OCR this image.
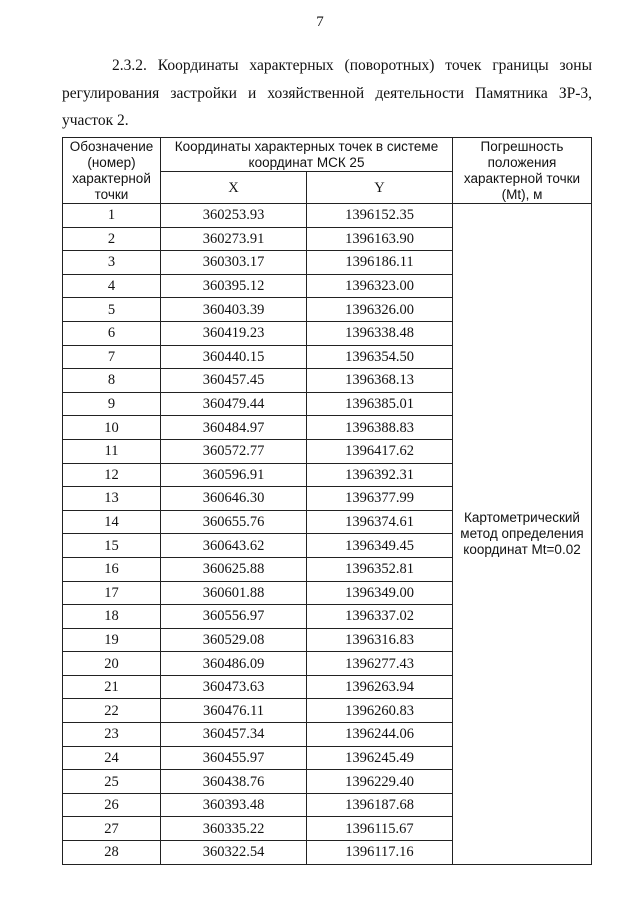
7
2.3.2. Координаты характерных (поворотных) точек границы зоны
регулирования застройки и хозяйственной деятельности Памятника ЗР-3,
участок 2.
Обозначение (номер) характерной точки	Координаты характерных точек в системе координат МСК 25		Погрешность положения характерной точки (Mt), м
	X	Y	
1	360253.93	1396152.35	Картометрический метод определения координат Mt=0.02
2	360273.91	1396163.90	
3	360303.17	1396186.11	
4	360395.12	1396323.00	
5	360403.39	1396326.00	
6	360419.23	1396338.48	
7	360440.15	1396354.50	
8	360457.45	1396368.13	
9	360479.44	1396385.01	
10	360484.97	1396388.83	
11	360572.77	1396417.62	
12	360596.91	1396392.31	
13	360646.30	1396377.99	
14	360655.76	1396374.61	
15	360643.62	1396349.45	
16	360625.88	1396352.81	
17	360601.88	1396349.00	
18	360556.97	1396337.02	
19	360529.08	1396316.83	
20	360486.09	1396277.43	
21	360473.63	1396263.94	
22	360476.11	1396260.83	
23	360457.34	1396244.06	
24	360455.97	1396245.49	
25	360438.76	1396229.40	
26	360393.48	1396187.68	
27	360335.22	1396115.67	
28	360322.54	1396117.16	
